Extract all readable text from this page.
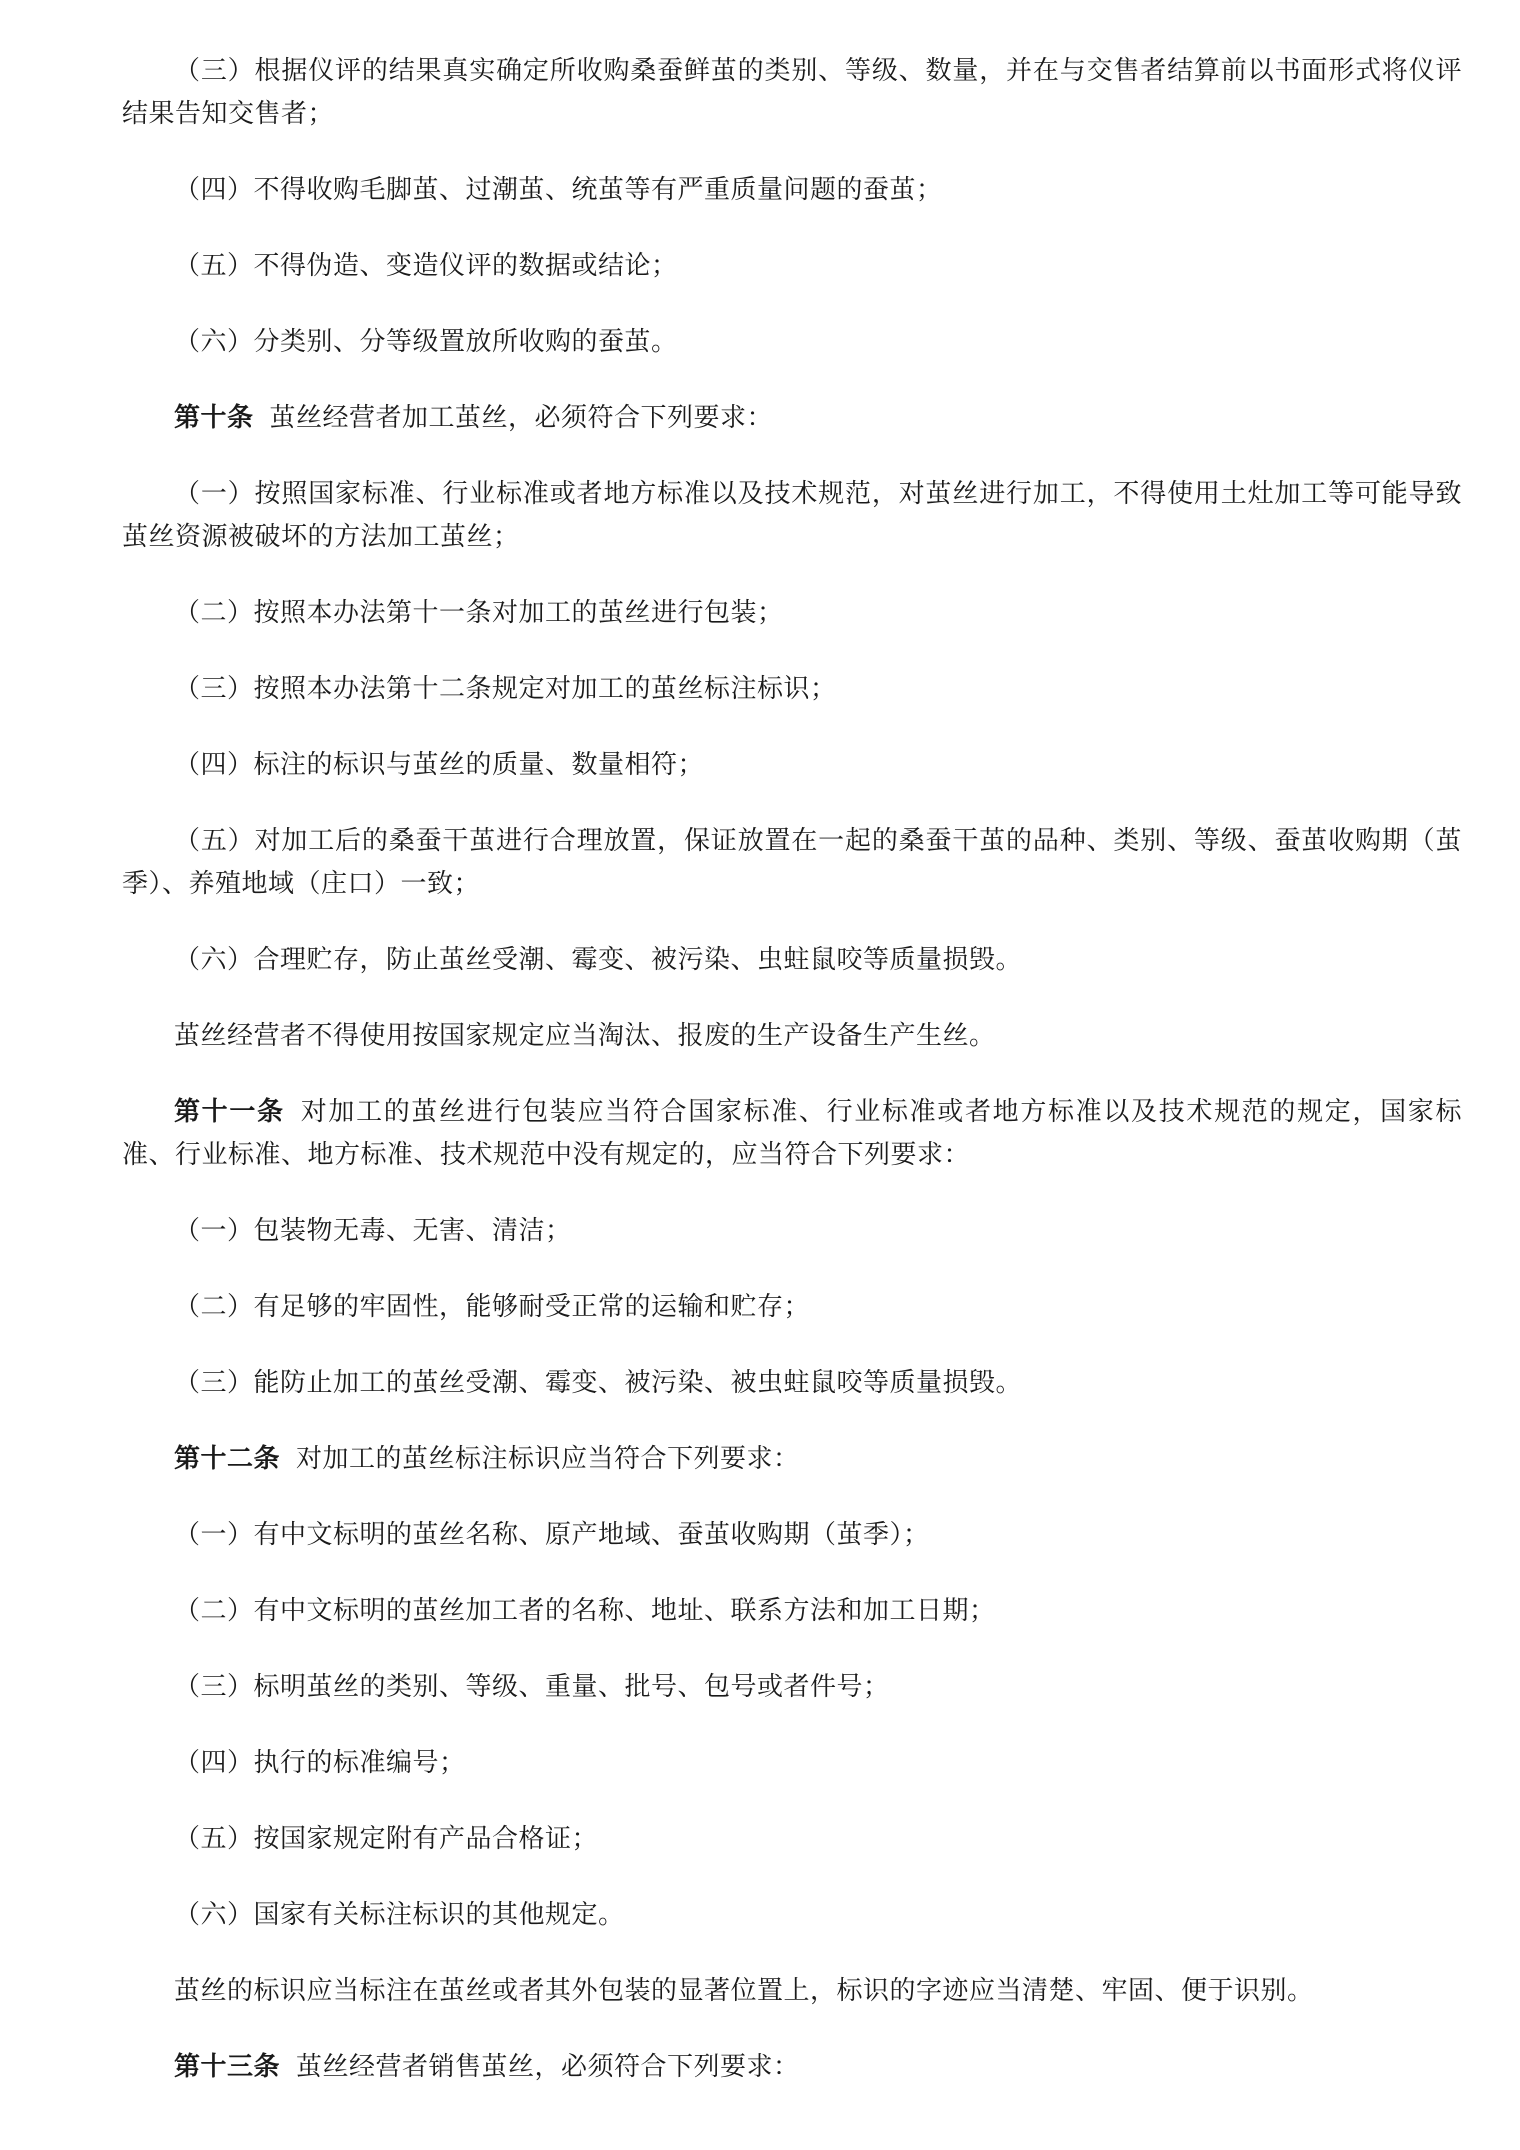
（三）根据仪评的结果真实确定所收购桑蚕鲜茧的类别、等级、数量，并在与交售者结算前以书面形式将仪评结果告知交售者；

（四）不得收购毛脚茧、过潮茧、统茧等有严重质量问题的蚕茧；

（五）不得伪造、变造仪评的数据或结论；

（六）分类别、分等级置放所收购的蚕茧。

第十条 茧丝经营者加工茧丝，必须符合下列要求：

（一）按照国家标准、行业标准或者地方标准以及技术规范，对茧丝进行加工，不得使用土灶加工等可能导致茧丝资源被破坏的方法加工茧丝；

（二）按照本办法第十一条对加工的茧丝进行包装；

（三）按照本办法第十二条规定对加工的茧丝标注标识；

（四）标注的标识与茧丝的质量、数量相符；

（五）对加工后的桑蚕干茧进行合理放置，保证放置在一起的桑蚕干茧的品种、类别、等级、蚕茧收购期（茧季）、养殖地域（庄口）一致；

（六）合理贮存，防止茧丝受潮、霉变、被污染、虫蛀鼠咬等质量损毁。

茧丝经营者不得使用按国家规定应当淘汰、报废的生产设备生产生丝。

第十一条 对加工的茧丝进行包装应当符合国家标准、行业标准或者地方标准以及技术规范的规定，国家标准、行业标准、地方标准、技术规范中没有规定的，应当符合下列要求：

（一）包装物无毒、无害、清洁；

（二）有足够的牢固性，能够耐受正常的运输和贮存；

（三）能防止加工的茧丝受潮、霉变、被污染、被虫蛀鼠咬等质量损毁。

第十二条 对加工的茧丝标注标识应当符合下列要求：

（一）有中文标明的茧丝名称、原产地域、蚕茧收购期（茧季）；

（二）有中文标明的茧丝加工者的名称、地址、联系方法和加工日期；

（三）标明茧丝的类别、等级、重量、批号、包号或者件号；

（四）执行的标准编号；

（五）按国家规定附有产品合格证；

（六）国家有关标注标识的其他规定。

茧丝的标识应当标注在茧丝或者其外包装的显著位置上，标识的字迹应当清楚、牢固、便于识别。

第十三条 茧丝经营者销售茧丝，必须符合下列要求：
